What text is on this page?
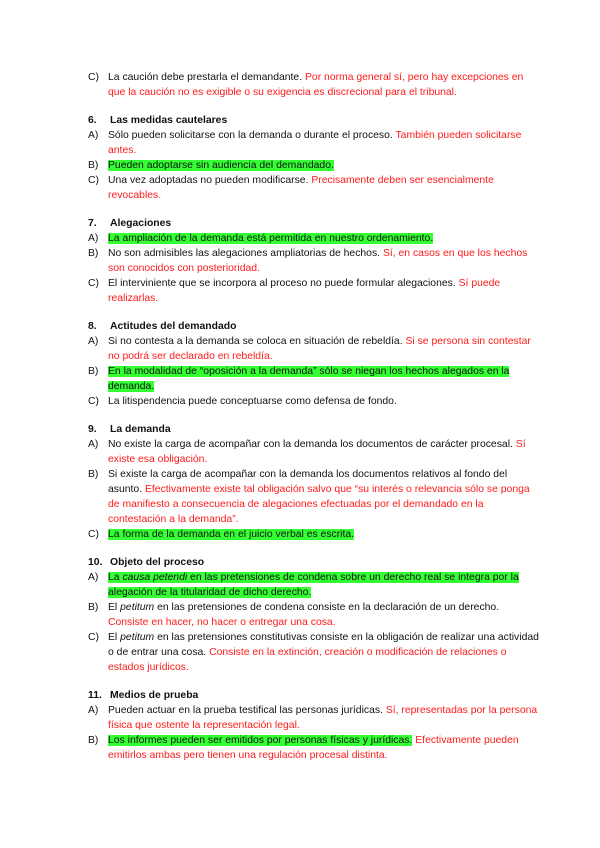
C) La caución debe prestarla el demandante. Por norma general sí, pero hay excepciones en que la caución no es exigible o su exigencia es discrecional para el tribunal.

6. Las medidas cautelares

A) Sólo pueden solicitarse con la demanda o durante el proceso. También pueden solicitarse antes.

B) Pueden adoptarse sin audiencia del demandado.

C) Una vez adoptadas no pueden modificarse. Precisamente deben ser esencialmente revocables.

7. Alegaciones

A) La ampliación de la demanda está permitida en nuestro ordenamiento.

B) No son admisibles las alegaciones ampliatorias de hechos. Sí, en casos en que los hechos son conocidos con posterioridad.

C) El interviniente que se incorpora al proceso no puede formular alegaciones. Sí puede realizarlas.

8. Actitudes del demandado

A) Si no contesta a la demanda se coloca en situación de rebeldía. Si se persona sin contestar no podrá ser declarado en rebeldía.

B) En la modalidad de “oposición a la demanda” sólo se niegan los hechos alegados en la demanda.

C) La litispendencia puede conceptuarse como defensa de fondo.

9. La demanda

A) No existe la carga de acompañar con la demanda los documentos de carácter procesal. Sí existe esa obligación.

B) Si existe la carga de acompañar con la demanda los documentos relativos al fondo del asunto. Efectivamente existe tal obligación salvo que “su interés o relevancia sólo se ponga de manifiesto a consecuencia de alegaciones efectuadas por el demandado en la contestación a la demanda”.

C) La forma de la demanda en el juicio verbal es escrita.

10. Objeto del proceso

A) La causa petendi en las pretensiones de condena sobre un derecho real se integra por la alegación de la titularidad de dicho derecho.

B) El petitum en las pretensiones de condena consiste en la declaración de un derecho. Consiste en hacer, no hacer o entregar una cosa.

C) El petitum en las pretensiones constitutivas consiste en la obligación de realizar una actividad o de entrar una cosa. Consiste en la extinción, creación o modificación de relaciones o estados jurídicos.

11. Medios de prueba

A) Pueden actuar en la prueba testifical las personas jurídicas. Sí, representadas por la persona física que ostente la representación legal.

B) Los informes pueden ser emitidos por personas físicas y jurídicas. Efectivamente pueden emitirlos ambas pero tienen una regulación procesal distinta.
